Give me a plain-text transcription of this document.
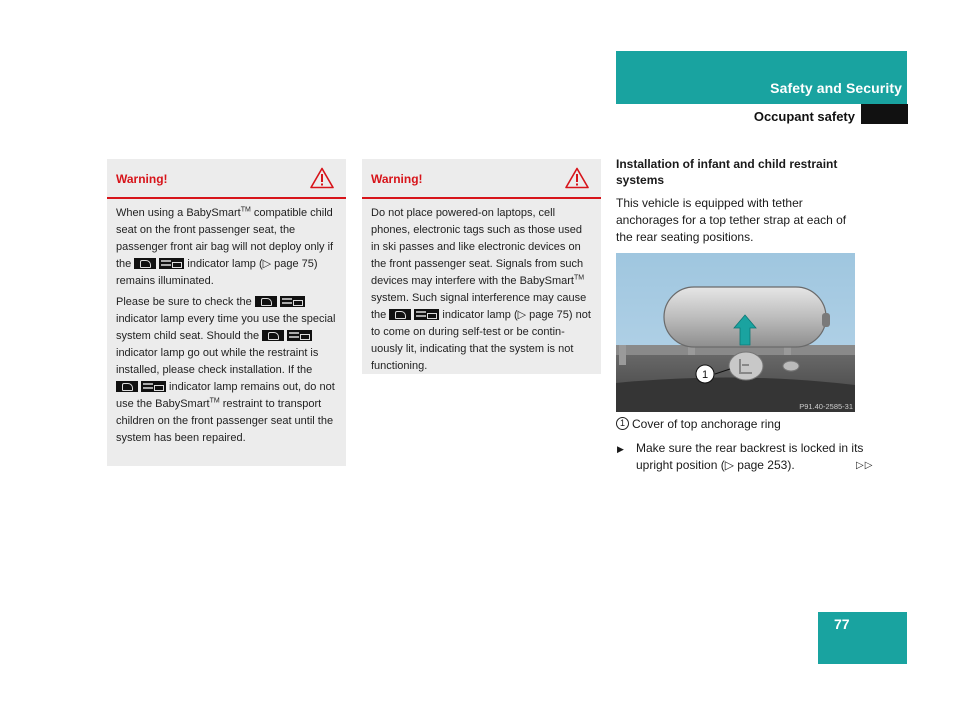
Safety and Security
Occupant safety
Warning!

When using a BabySmart™ compatible child seat on the front passenger seat, the passenger front air bag will not deploy only if the	indicator lamp (▷ page 75) remains illuminated.

Please be sure to check the  indicator lamp every time you use the special system child seat. Should the  indicator lamp go out while the restraint is installed, please check installation. If the  indicator lamp remains out, do not use the BabySmart™ restraint to transport children on the front passenger seat until the system has been repaired.

Warning!

Do not place powered-on laptops, cell phones, electronic tags such as those used in ski passes and like electronic devices on the front passenger seat. Signals from such devices may interfere with the BabySmart™ system. Such signal interference may cause the	indicator lamp (▷ page 75) not to come on during self-test or be contin-uously lit, indicating that the system is not functioning.

Installation of infant and child restraint systems
This vehicle is equipped with tether anchorages for a top tether strap at each of the rear seating positions.
1
P91.40-2585-31
1 Cover of top anchorage ring
▶ Make sure the rear backrest is locked in its upright position (▷ page 253).	▷▷
77
